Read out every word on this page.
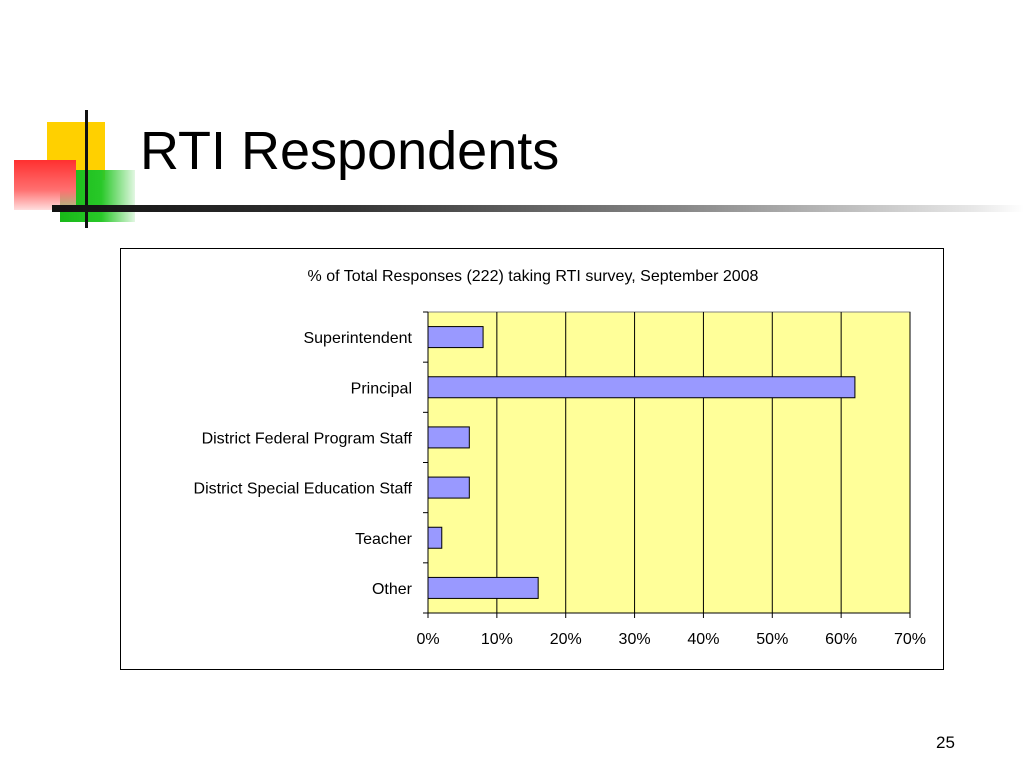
RTI Respondents
% of Total Responses (222) taking RTI survey, September 2008
Superintendent
Principal
District Federal Program Staff
District Special Education Staff
Teacher
Other
0%	10% 20% 30% 40% 50% 60% 70%
25
